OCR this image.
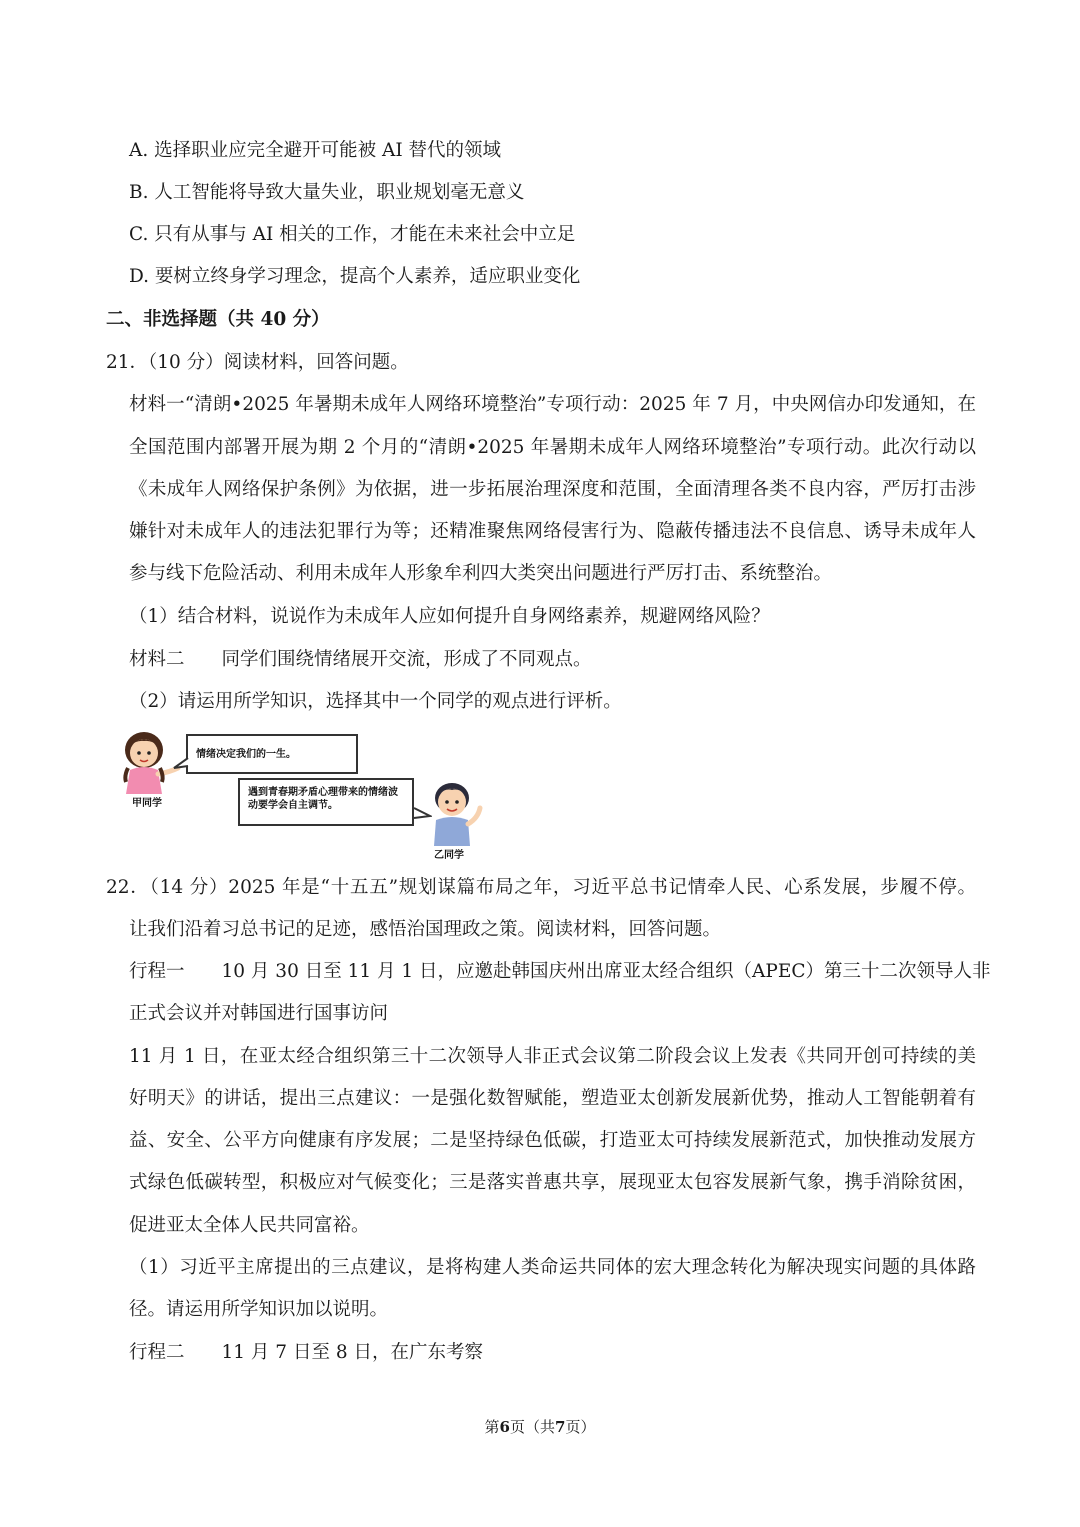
A. 选择职业应完全避开可能被 AI 替代的领域
B. 人工智能将导致大量失业，职业规划毫无意义
C. 只有从事与 AI 相关的工作，才能在未来社会中立足
D. 要树立终身学习理念，提高个人素养，适应职业变化
二、非选择题（共 40 分）
21．（10 分）阅读材料，回答问题。
材料一“清朗•2025 年暑期未成年人网络环境整治”专项行动：2025 年 7 月，中央网信办印发通知，在
全国范围内部署开展为期 2 个月的“清朗•2025 年暑期未成年人网络环境整治”专项行动。此次行动以
《未成年人网络保护条例》为依据，进一步拓展治理深度和范围，全面清理各类不良内容，严厉打击涉
嫌针对未成年人的违法犯罪行为等；还精准聚焦网络侵害行为、隐蔽传播违法不良信息、诱导未成年人
参与线下危险活动、利用未成年人形象牟利四大类突出问题进行严厉打击、系统整治。
（1）结合材料，说说作为未成年人应如何提升自身网络素养，规避网络风险？
材料二　　同学们围绕情绪展开交流，形成了不同观点。
（2）请运用所学知识，选择其中一个同学的观点进行评析。
甲同学
情绪决定我们的一生。
遇到青春期矛盾心理带来的情绪波动要学会自主调节。
乙同学
22．（14 分）2025 年是“十五五”规划谋篇布局之年，习近平总书记情牵人民、心系发展，步履不停。
让我们沿着习总书记的足迹，感悟治国理政之策。阅读材料，回答问题。
行程一　　10 月 30 日至 11 月 1 日，应邀赴韩国庆州出席亚太经合组织（APEC）第三十二次领导人非
正式会议并对韩国进行国事访问
11 月 1 日，在亚太经合组织第三十二次领导人非正式会议第二阶段会议上发表《共同开创可持续的美
好明天》的讲话，提出三点建议：一是强化数智赋能，塑造亚太创新发展新优势，推动人工智能朝着有
益、安全、公平方向健康有序发展；二是坚持绿色低碳，打造亚太可持续发展新范式，加快推动发展方
式绿色低碳转型，积极应对气候变化；三是落实普惠共享，展现亚太包容发展新气象，携手消除贫困，
促进亚太全体人民共同富裕。
（1）习近平主席提出的三点建议，是将构建人类命运共同体的宏大理念转化为解决现实问题的具体路
径。请运用所学知识加以说明。
行程二　　11 月 7 日至 8 日，在广东考察
第6页（共7页）
